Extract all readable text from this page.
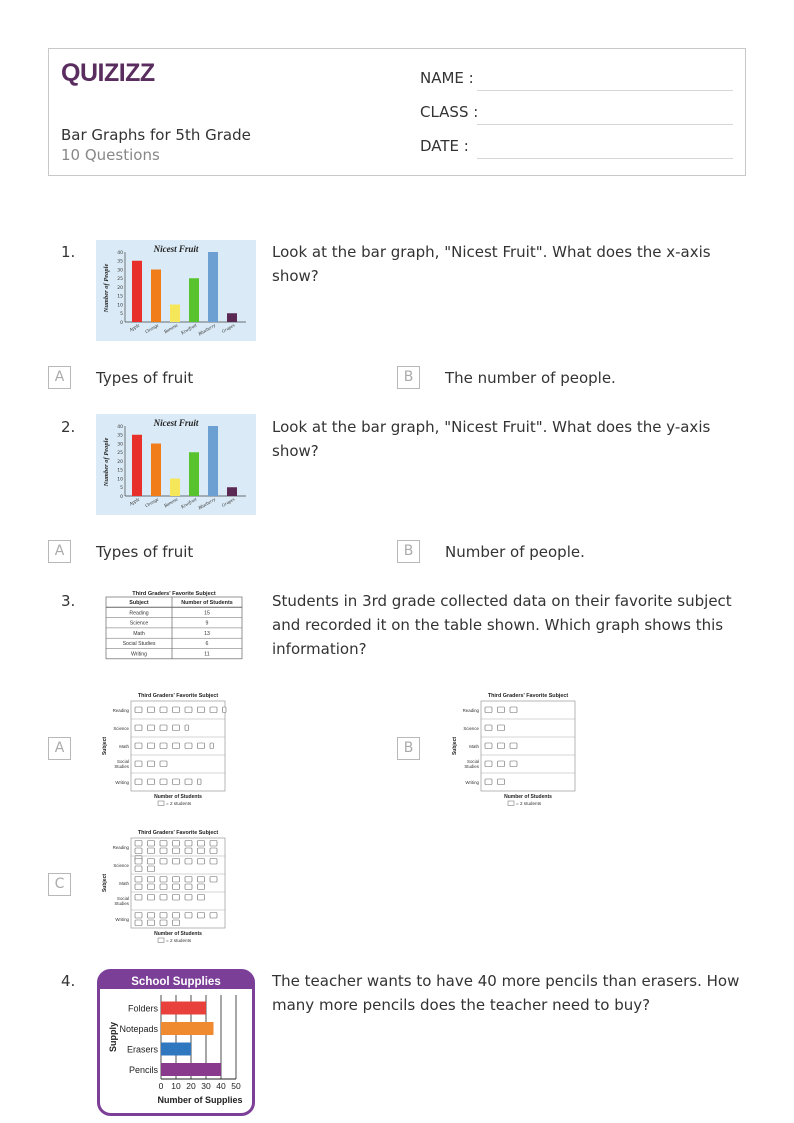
QUIZIZZ
Bar Graphs for 5th Grade
10 Questions
NAME :
CLASS :
DATE :
1.	Nicest Fruit
Number of People
0
5
10
15
20
25
30
35
40
Apple Orange Banana Kiwifruit Blueberry Grapes
Look at the bar graph, "Nicest Fruit". What does the x-axis show?
A	Types of fruit	B	The number of people.
2.	Nicest Fruit
Number of People
0
5
10
15
20
25
30
35
40
Apple Orange Banana Kiwifruit Blueberry Grapes
Look at the bar graph, "Nicest Fruit". What does the y-axis show?
A	Types of fruit	B	Number of people.
3.	Third Graders' Favorite Subject
Subject	Number of Students
Reading	15
Science	9
Math	13
Social Studies	6
Writing	11
Students in 3rd grade collected data on their favorite subject and recorded it on the table shown. Which graph shows this information?
A
Third Graders' Favorite Subject
Subject
Reading
Science
Math
Social
Studies
Writing
Number of Students
= 2 students
B
Third Graders' Favorite Subject
Subject
Reading
Science
Math
Social
Studies
Writing
Number of Students
= 2 students
C
Third Graders' Favorite Subject
Subject
Reading
Science
Math
Social
Studies
Writing
Number of Students
= 2 students
4.	School Supplies
0 10 20 30 40 50
Folders
Notepads
Erasers
Pencils
Supply
Number of Supplies
The teacher wants to have 40 more pencils than erasers. How many more pencils does the teacher need to buy?
